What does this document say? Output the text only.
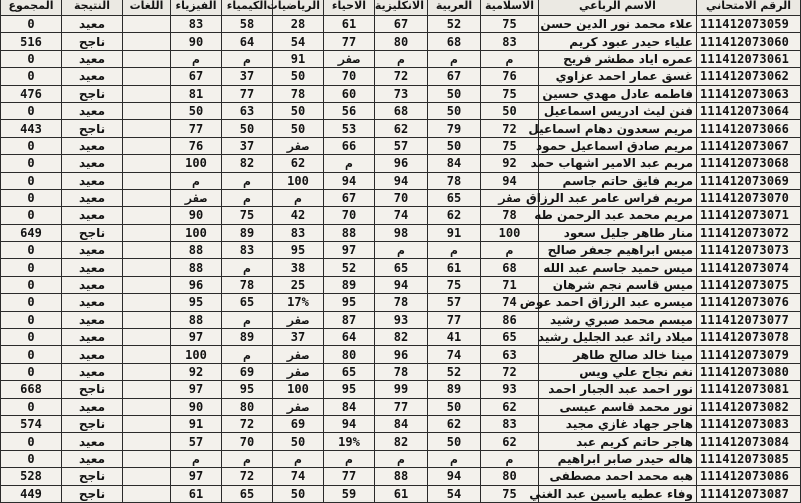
الرقم الامتحاني	الاسم الرباعي	الاسلامية	العربية	الانكليزية	الاحياء	الرياضيات	الكيمياء	الفيزياء	اللغات	النتيجة	المجموع
111412073059	علاء محمد نور الدين حسن	75	52	67	61	28	58	83		معيد	0
111412073060	علياء حيدر عبود كريم	83	68	80	77	54	64	90		ناجح	516
111412073061	عمره اياد مطشر فريح	م	م	م	صفر	91	م	م		معيد	0
111412073062	غسق عمار احمد عزاوي	76	67	72	70	50	37	67		معيد	0
111412073063	فاطمه عادل مهدي حسين	75	50	73	60	78	77	81		ناجح	476
111412073064	فنن ليث ادريس اسماعيل	50	50	68	56	50	63	50		معيد	0
111412073066	مريم سعدون دهام اسماعيل	72	79	62	53	50	50	77		ناجح	443
111412073067	مريم صادق اسماعيل حمود	75	50	57	66	صفر	37	76		معيد	0
111412073068	مريم عبد الامير اشهاب حمد	92	84	96	م	62	82	100		معيد	0
111412073069	مريم فايق حاتم جاسم	94	78	94	94	100	م	م		معيد	0
111412073070	مريم فراس عامر عبد الرزاق	صفر	65	70	67	م	م	صفر		معيد	0
111412073071	مريم محمد عبد الرحمن طه	78	62	74	70	42	75	90		معيد	0
111412073072	منار طاهر جليل سعود	100	91	98	88	83	89	100		ناجح	649
111412073073	ميس ابراهيم جعفر صالح	م	م	م	97	95	83	88		معيد	0
111412073074	ميس حميد جاسم عبد الله	68	61	65	52	38	م	88		معيد	0
111412073075	ميس قاسم نجم شرهان	71	75	94	89	25	78	96		معيد	0
111412073076	ميسره عبد الرزاق احمد عوض	74	57	78	95	17%	65	95		معيد	0
111412073077	ميسم محمد صبري رشيد	86	77	93	87	صفر	م	88		معيد	0
111412073078	ميلاد رائد عبد الجليل رشيد	65	41	82	64	37	89	97		معيد	0
111412073079	مينا خالد صالح طاهر	63	74	96	80	صفر	م	100		معيد	0
111412073080	نغم نجاح علي ويس	72	52	78	65	صفر	69	92		معيد	0
111412073081	نور احمد عبد الجبار احمد	93	89	99	95	100	95	97		ناجح	668
111412073082	نور محمد قاسم عيسى	62	50	77	84	صفر	80	90		معيد	0
111412073083	هاجر جهاد غازي مجيد	83	62	84	94	69	72	91		ناجح	574
111412073084	هاجر حاتم كريم عبد	62	50	82	19%	50	70	57		معيد	0
111412073085	هاله حيدر صابر ابراهيم	م	م	م	م	م	م	م		معيد	0
111412073086	هبه محمد احمد مصطفى	80	94	88	77	74	72	97		ناجح	528
111412073087	وفاء عطيه ياسين عبد الغني	75	54	61	59	50	65	61		ناجح	449
